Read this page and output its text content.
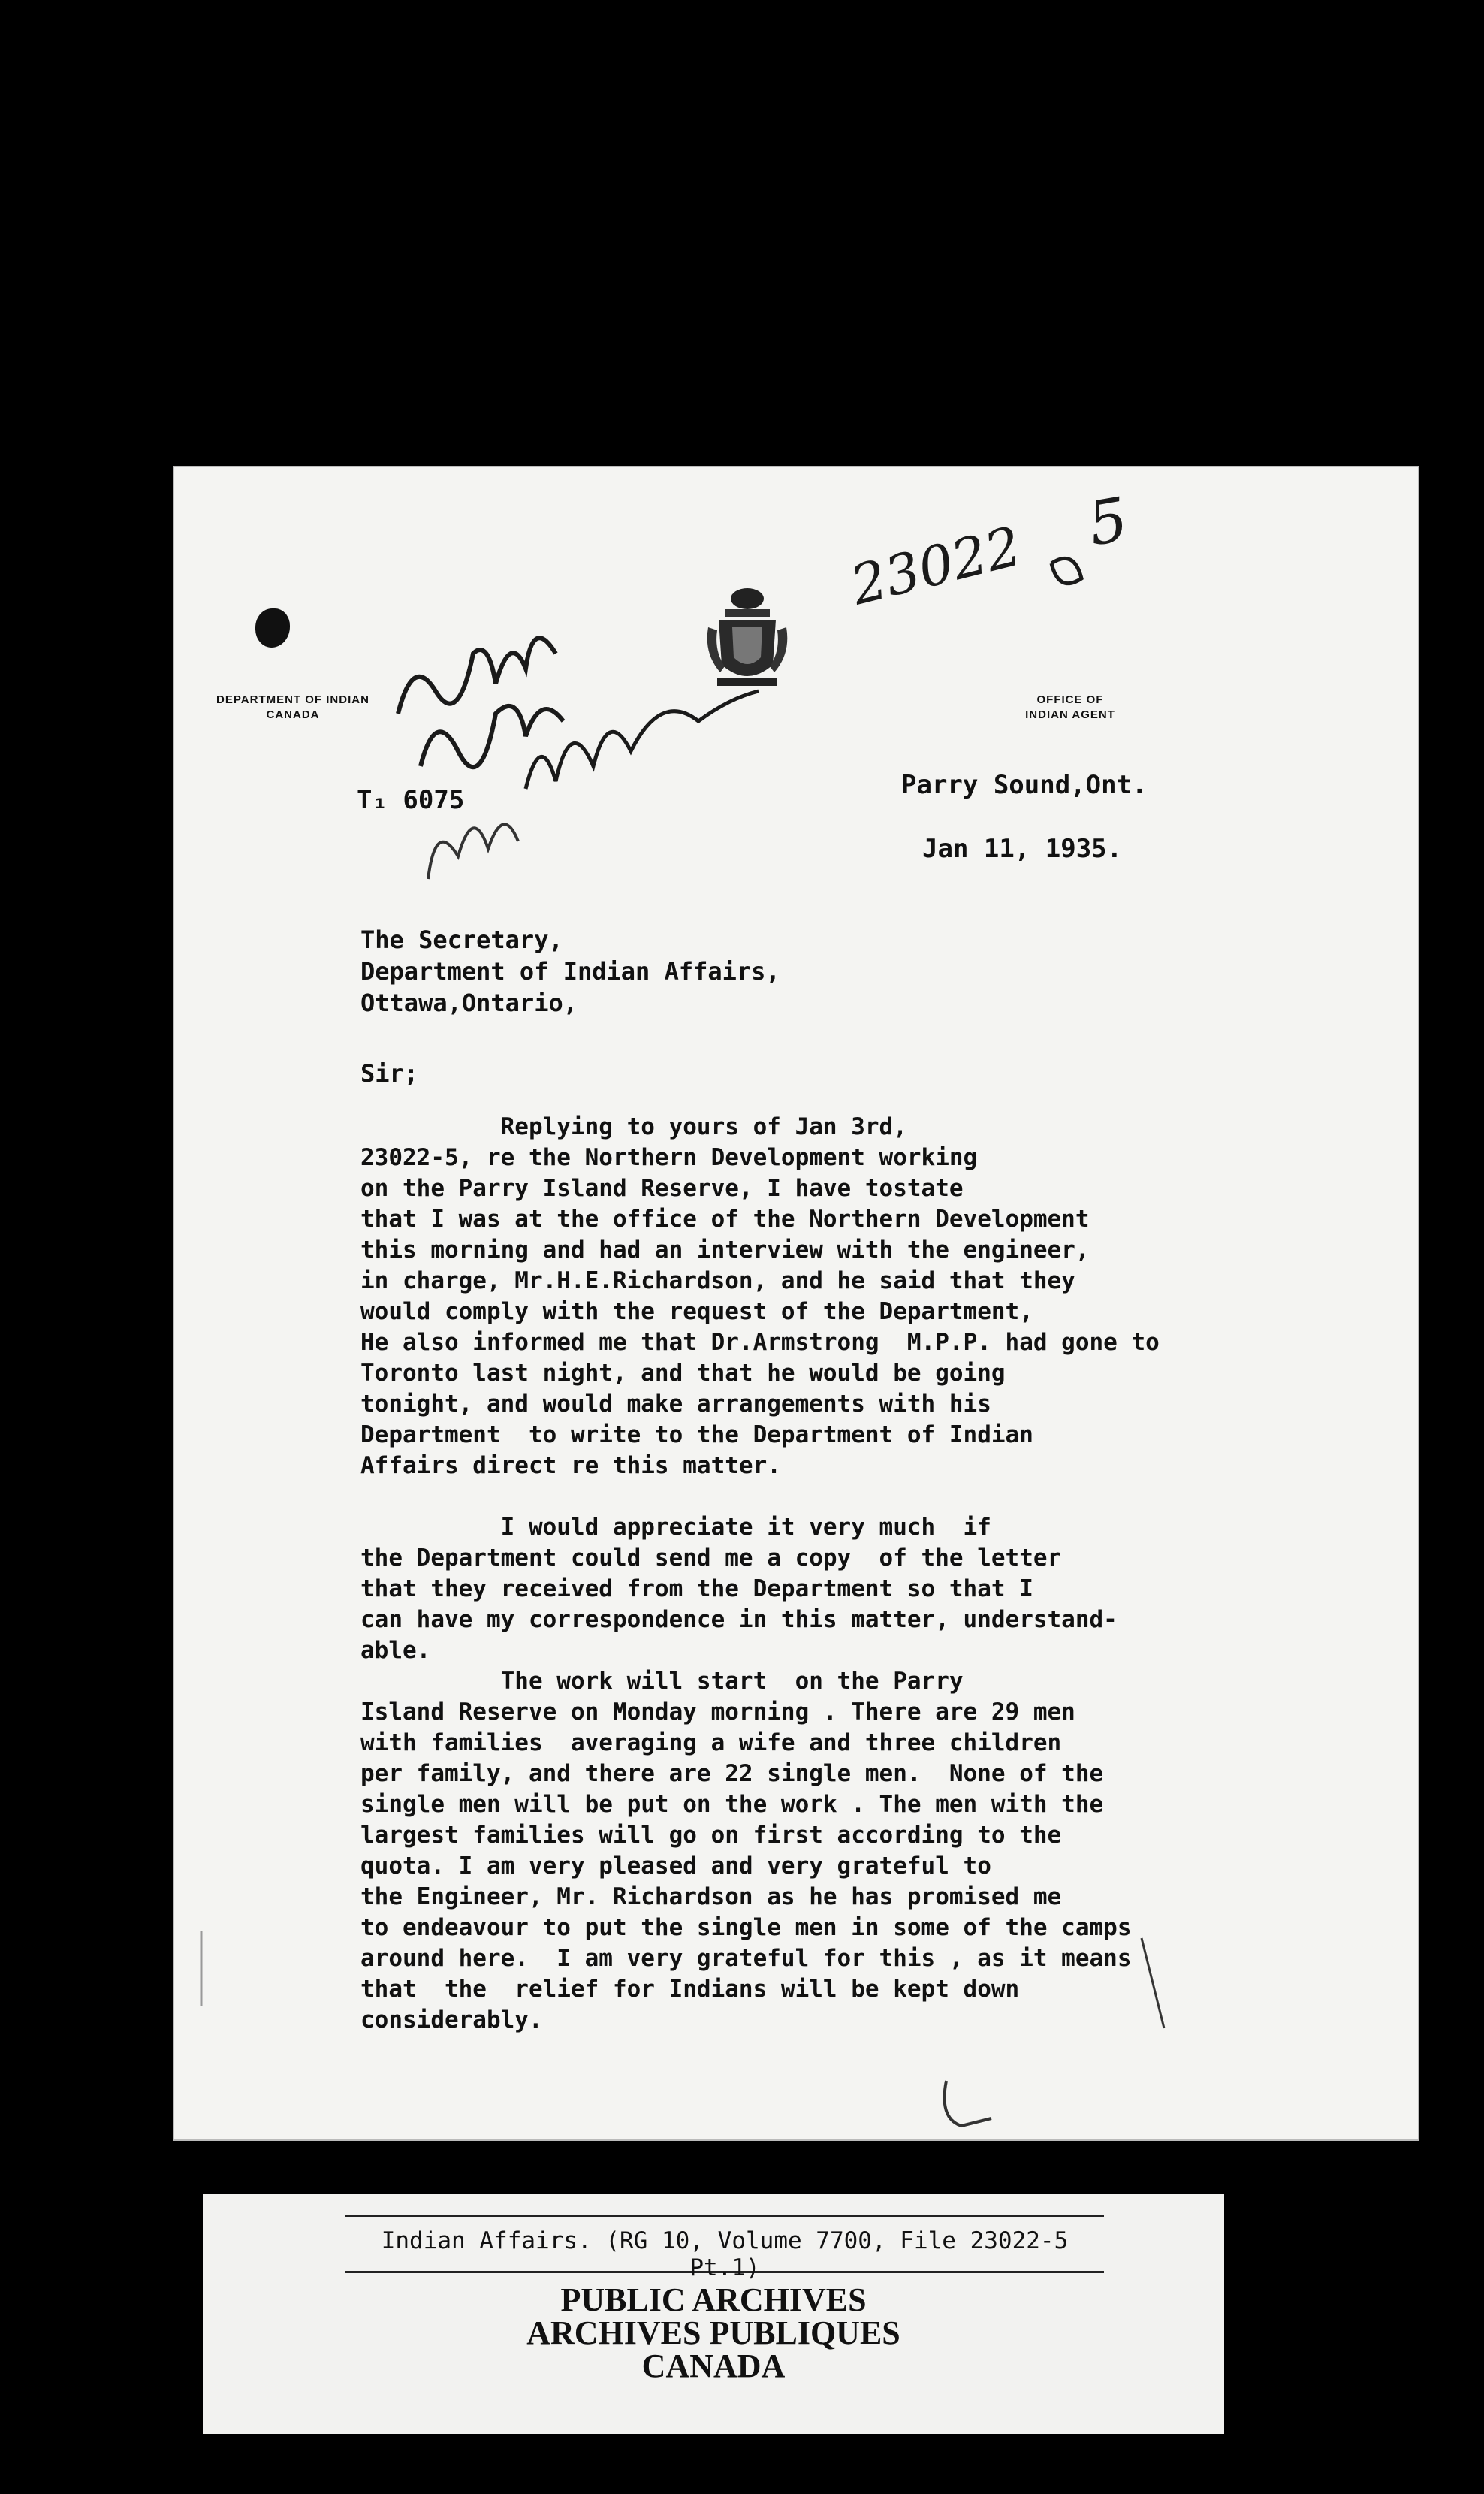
DEPARTMENT OF INDIAN
CANADA
OFFICE OF
INDIAN AGENT
23022 5
T₁ 6075	Parry Sound,Ont.
Jan 11, 1935.
The Secretary,
Department of Indian Affairs,
Ottawa,Ontario,
Sir;
Replying to yours of Jan 3rd,
23022-5, re the Northern Development working
on the Parry Island Reserve, I have tostate
that I was at the office of the Northern Development
this morning and had an interview with the engineer,
in charge, Mr.H.E.Richardson, and he said that they
would comply with the request of the Department,
He also informed me that Dr.Armstrong  M.P.P. had gone to
Toronto last night, and that he would be going
tonight, and would make arrangements with his
Department  to write to the Department of Indian
Affairs direct re this matter.

I would appreciate it very much  if
the Department could send me a copy  of the letter
that they received from the Department so that I
can have my correspondence in this matter, understand-
able.
The work will start  on the Parry
Island Reserve on Monday morning . There are 29 men
with families  averaging a wife and three children
per family, and there are 22 single men.  None of the
single men will be put on the work . The men with the
largest families will go on first according to the
quota. I am very pleased and very grateful to
the Engineer, Mr. Richardson as he has promised me
to endeavour to put the single men in some of the camps
around here.  I am very grateful for this , as it means
that  the  relief for Indians will be kept down
considerably.
Indian Affairs. (RG 10, Volume 7700, File 23022-5 Pt.1)
PUBLIC ARCHIVES
ARCHIVES PUBLIQUES
CANADA
